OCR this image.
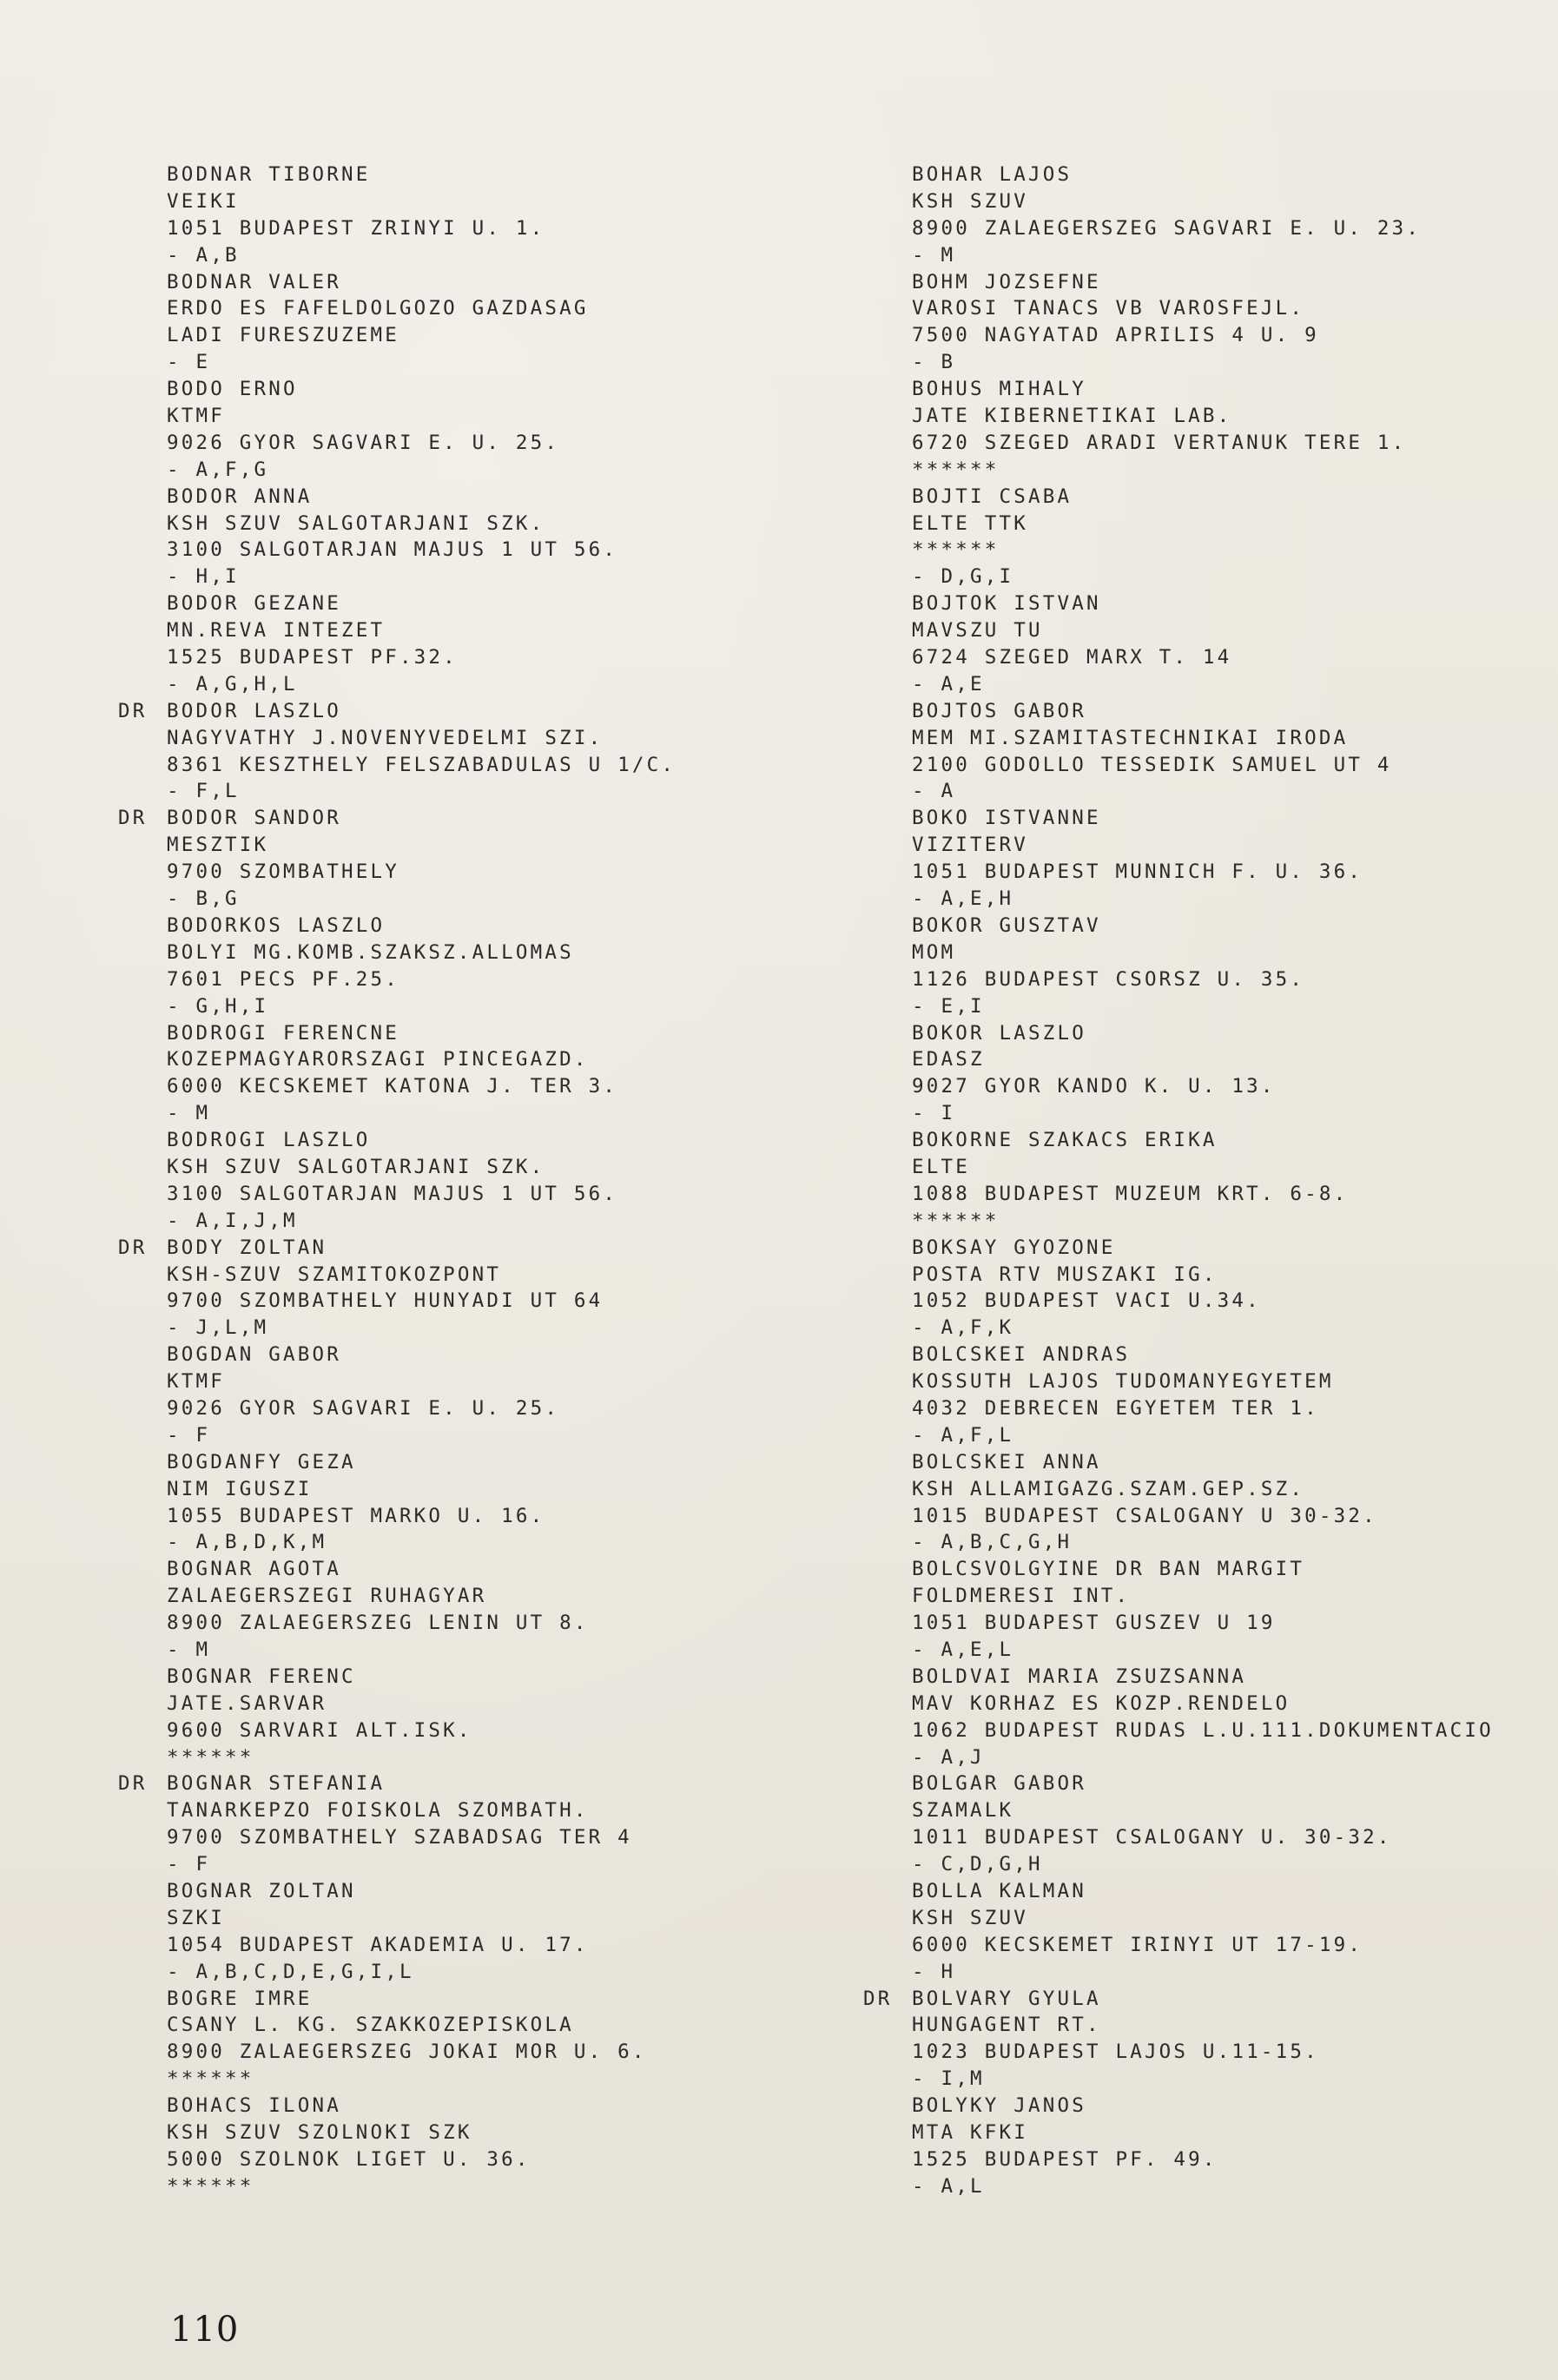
BODNAR TIBORNE
VEIKI
1051 BUDAPEST ZRINYI U. 1.
- A,B
BODNAR VALER
ERDO ES FAFELDOLGOZO GAZDASAG
LADI FURESZUZEME
- E
BODO ERNO
KTMF
9026 GYOR SAGVARI E. U. 25.
- A,F,G
BODOR ANNA
KSH SZUV SALGOTARJANI SZK.
3100 SALGOTARJAN MAJUS 1 UT 56.
- H,I
BODOR GEZANE
MN.REVA INTEZET
1525 BUDAPEST PF.32.
- A,G,H,L
DR BODOR LASZLO
NAGYVATHY J.NOVENYVEDELMI SZI.
8361 KESZTHELY FELSZABADULAS U 1/C.
- F,L
DR BODOR SANDOR
MESZTIK
9700 SZOMBATHELY
- B,G
BODORKOS LASZLO
BOLYI MG.KOMB.SZAKSZ.ALLOMAS
7601 PECS PF.25.
- G,H,I
BODROGI FERENCNE
KOZEPMAGYARORSZAGI PINCEGAZD.
6000 KECSKEMET KATONA J. TER 3.
- M
BODROGI LASZLO
KSH SZUV SALGOTARJANI SZK.
3100 SALGOTARJAN MAJUS 1 UT 56.
- A,I,J,M
DR BODY ZOLTAN
KSH-SZUV SZAMITOKOZPONT
9700 SZOMBATHELY HUNYADI UT 64
- J,L,M
BOGDAN GABOR
KTMF
9026 GYOR SAGVARI E. U. 25.
- F
BOGDANFY GEZA
NIM IGUSZI
1055 BUDAPEST MARKO U. 16.
- A,B,D,K,M
BOGNAR AGOTA
ZALAEGERSZEGI RUHAGYAR
8900 ZALAEGERSZEG LENIN UT 8.
- M
BOGNAR FERENC
JATE.SARVAR
9600 SARVARI ALT.ISK.
******
DR BOGNAR STEFANIA
TANARKEPZO FOISKOLA SZOMBATH.
9700 SZOMBATHELY SZABADSAG TER 4
- F
BOGNAR ZOLTAN
SZKI
1054 BUDAPEST AKADEMIA U. 17.
- A,B,C,D,E,G,I,L
BOGRE IMRE
CSANY L. KG. SZAKKOZEPISKOLA
8900 ZALAEGERSZEG JOKAI MOR U. 6.
******
BOHACS ILONA
KSH SZUV SZOLNOKI SZK
5000 SZOLNOK LIGET U. 36.
******
BOHAR LAJOS
KSH SZUV
8900 ZALAEGERSZEG SAGVARI E. U. 23.
- M
BOHM JOZSEFNE
VAROSI TANACS VB VAROSFEJL.
7500 NAGYATAD APRILIS 4 U. 9
- B
BOHUS MIHALY
JATE KIBERNETIKAI LAB.
6720 SZEGED ARADI VERTANUK TERE 1.
******
BOJTI CSABA
ELTE TTK
******
- D,G,I
BOJTOK ISTVAN
MAVSZU TU
6724 SZEGED MARX T. 14
- A,E
BOJTOS GABOR
MEM MI.SZAMITASTECHNIKAI IRODA
2100 GODOLLO TESSEDIK SAMUEL UT 4
- A
BOKO ISTVANNE
VIZITERV
1051 BUDAPEST MUNNICH F. U. 36.
- A,E,H
BOKOR GUSZTAV
MOM
1126 BUDAPEST CSORSZ U. 35.
- E,I
BOKOR LASZLO
EDASZ
9027 GYOR KANDO K. U. 13.
- I
BOKORNE SZAKACS ERIKA
ELTE
1088 BUDAPEST MUZEUM KRT. 6-8.
******
BOKSAY GYOZONE
POSTA RTV MUSZAKI IG.
1052 BUDAPEST VACI U.34.
- A,F,K
BOLCSKEI ANDRAS
KOSSUTH LAJOS TUDOMANYEGYETEM
4032 DEBRECEN EGYETEM TER 1.
- A,F,L
BOLCSKEI ANNA
KSH ALLAMIGAZG.SZAM.GEP.SZ.
1015 BUDAPEST CSALOGANY U 30-32.
- A,B,C,G,H
BOLCSVOLGYINE DR BAN MARGIT
FOLDMERESI INT.
1051 BUDAPEST GUSZEV U 19
- A,E,L
BOLDVAI MARIA ZSUZSANNA
MAV KORHAZ ES KOZP.RENDELO
1062 BUDAPEST RUDAS L.U.111.DOKUMENTACIO
- A,J
BOLGAR GABOR
SZAMALK
1011 BUDAPEST CSALOGANY U. 30-32.
- C,D,G,H
BOLLA KALMAN
KSH SZUV
6000 KECSKEMET IRINYI UT 17-19.
- H
DR BOLVARY GYULA
HUNGAGENT RT.
1023 BUDAPEST LAJOS U.11-15.
- I,M
BOLYKY JANOS
MTA KFKI
1525 BUDAPEST PF. 49.
- A,L
110
